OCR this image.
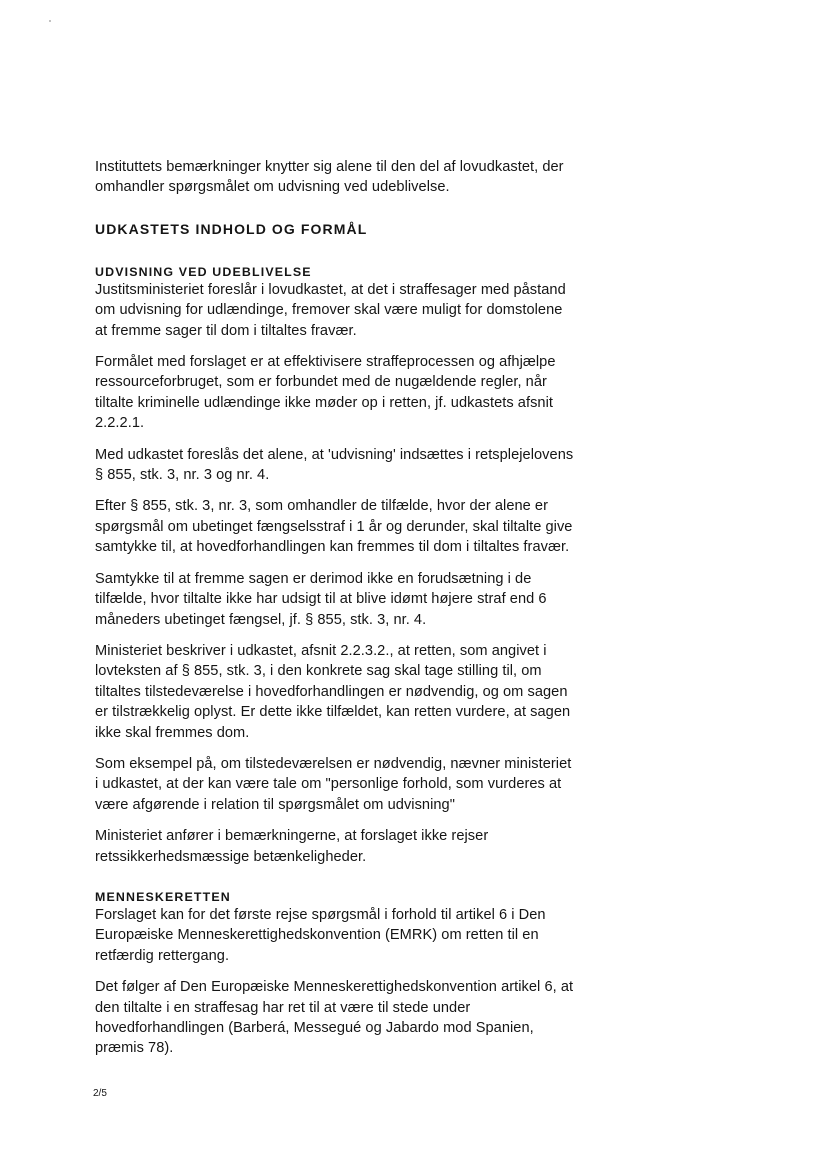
Instituttets bemærkninger knytter sig alene til den del af lovudkastet, der omhandler spørgsmålet om udvisning ved udeblivelse.

UDKASTETS INDHOLD OG FORMÅL
UDVISNING VED UDEBLIVELSE

Justitsministeriet foreslår i lovudkastet, at det i straffesager med påstand om udvisning for udlændinge, fremover skal være muligt for domstolene at fremme sager til dom i tiltaltes fravær.

Formålet med forslaget er at effektivisere straffeprocessen og afhjælpe ressourceforbruget, som er forbundet med de nugældende regler, når tiltalte kriminelle udlændinge ikke møder op i retten, jf. udkastets afsnit 2.2.2.1.

Med udkastet foreslås det alene, at 'udvisning' indsættes i retsplejelovens § 855, stk. 3, nr. 3 og nr. 4.

Efter § 855, stk. 3, nr. 3, som omhandler de tilfælde, hvor der alene er spørgsmål om ubetinget fængselsstraf i 1 år og derunder, skal tiltalte give samtykke til, at hovedforhandlingen kan fremmes til dom i tiltaltes fravær.

Samtykke til at fremme sagen er derimod ikke en forudsætning i de tilfælde, hvor tiltalte ikke har udsigt til at blive idømt højere straf end 6 måneders ubetinget fængsel, jf. § 855, stk. 3, nr. 4.

Ministeriet beskriver i udkastet, afsnit 2.2.3.2., at retten, som angivet i lovteksten af § 855, stk. 3, i den konkrete sag skal tage stilling til, om tiltaltes tilstedeværelse i hovedforhandlingen er nødvendig, og om sagen er tilstrækkelig oplyst. Er dette ikke tilfældet, kan retten vurdere, at sagen ikke skal fremmes dom.

Som eksempel på, om tilstedeværelsen er nødvendig, nævner ministeriet i udkastet, at der kan være tale om "personlige forhold, som vurderes at være afgørende i relation til spørgsmålet om udvisning"

Ministeriet anfører i bemærkningerne, at forslaget ikke rejser retssikkerhedsmæssige betænkeligheder.

MENNESKERETTEN

Forslaget kan for det første rejse spørgsmål i forhold til artikel 6 i Den Europæiske Menneskerettighedskonvention (EMRK) om retten til en retfærdig rettergang.

Det følger af Den Europæiske Menneskerettighedskonvention artikel 6, at den tiltalte i en straffesag har ret til at være til stede under hovedforhandlingen (Barberá, Messegué og Jabardo mod Spanien, præmis 78).

2/5
